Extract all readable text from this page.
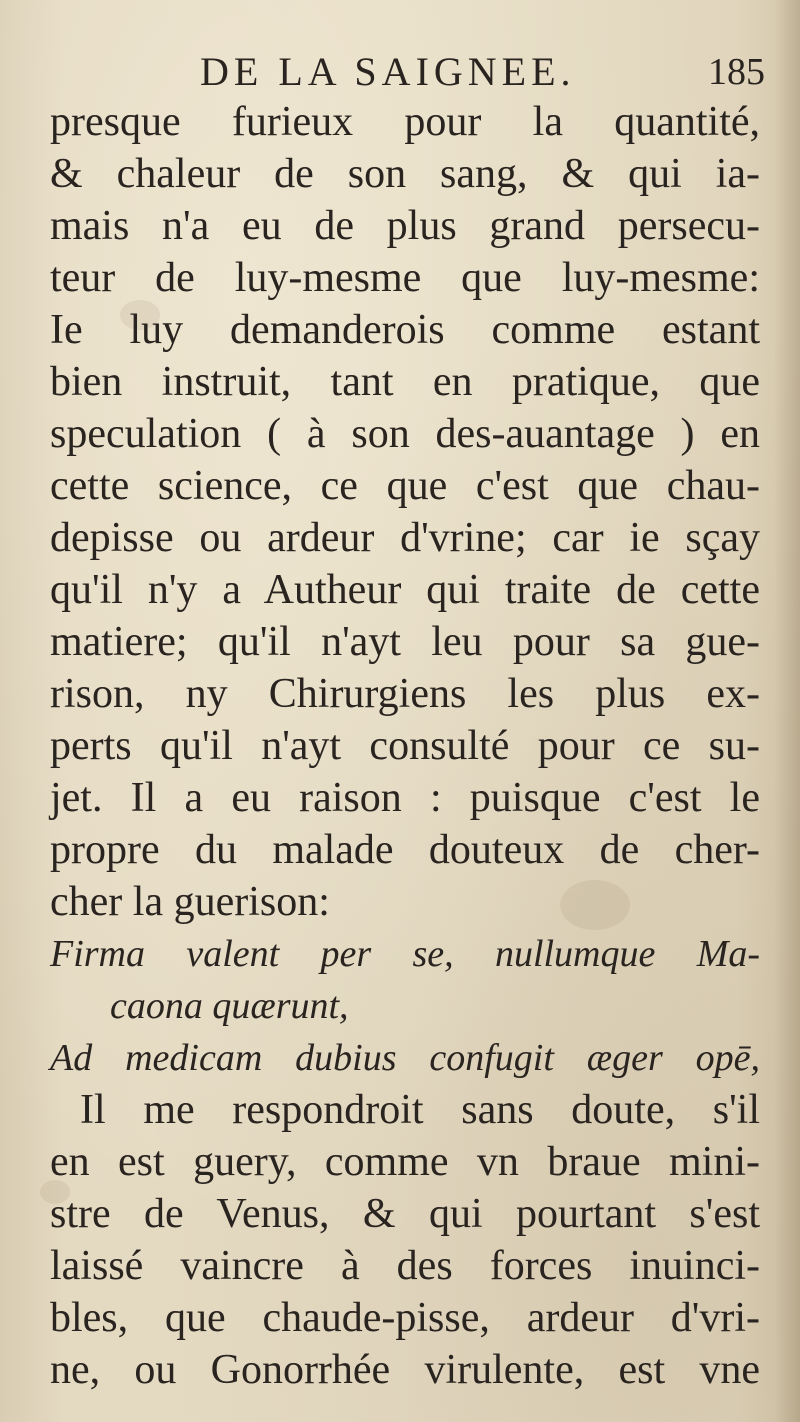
DE LA SAIGNEE.	185
presque furieux pour la quantité,
& chaleur de son sang, & qui ia-
mais n'a eu de plus grand persecu-
teur de luy-mesme que luy-mesme:
Ie luy demanderois comme estant
bien instruit, tant en pratique, que
speculation ( à son des-auantage ) en
cette science, ce que c'est que chau-
depisse ou ardeur d'vrine; car ie sçay
qu'il n'y a Autheur qui traite de cette
matiere; qu'il n'ayt leu pour sa gue-
rison, ny Chirurgiens les plus ex-
perts qu'il n'ayt consulté pour ce su-
jet. Il a eu raison : puisque c'est le
propre du malade douteux de cher-
cher la guerison:
Firma valent per se, nullumque Ma-
caona quærunt,
Ad medicam dubius confugit æger opē,
Il me respondroit sans doute, s'il
en est guery, comme vn braue mini-
stre de Venus, & qui pourtant s'est
laissé vaincre à des forces inuinci-
bles, que chaude-pisse, ardeur d'vri-
ne, ou Gonorrhée virulente, est vne
